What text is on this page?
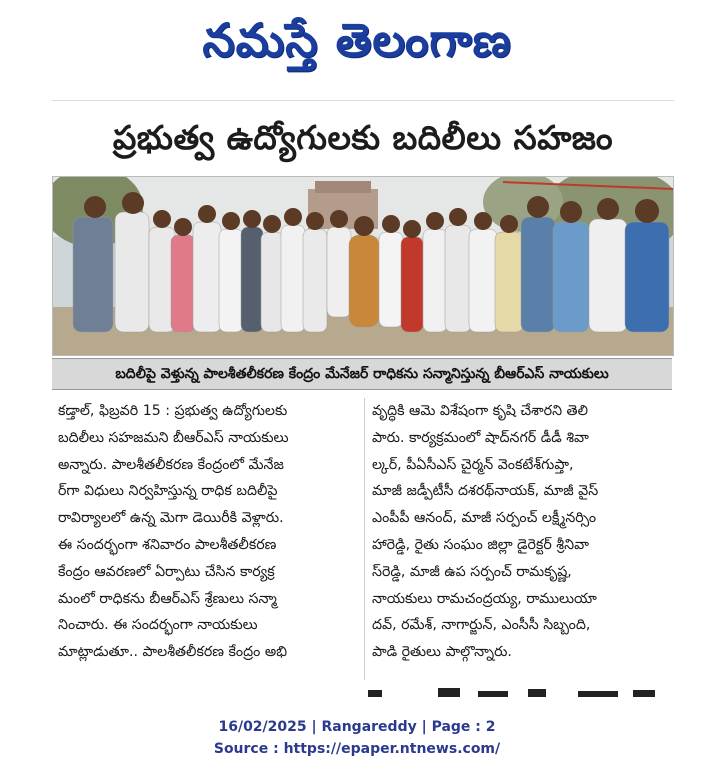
నమస్తే తెలంగాణ
ప్రభుత్వ ఉద్యోగులకు బదిలీలు సహజం
బదిలీపై వెళ్తున్న పాలశీతలీకరణ కేంద్రం మేనేజర్ రాధికను సన్మానిస్తున్న బీఆర్ఎస్ నాయకులు
కడ్తాల్, ఫిబ్రవరి 15 : ప్రభుత్వ ఉద్యోగులకు
బదిలీలు సహజమని బీఆర్ఎస్ నాయకులు
అన్నారు. పాలశీతలీకరణ కేంద్రంలో మేనేజ
ర్‌గా విధులు నిర్వహిస్తున్న రాధిక బదిలీపై
రావిర్యాలలో ఉన్న మెగా డెయిరీకి వెళ్లారు.
ఈ సందర్భంగా శనివారం పాలశీతలీకరణ
కేంద్రం ఆవరణలో ఏర్పాటు చేసిన కార్యక్ర
మంలో రాధికను బీఆర్ఎస్ శ్రేణులు సన్మా
నించారు. ఈ సందర్భంగా నాయకులు
మాట్లాడుతూ.. పాలశీతలీకరణ కేంద్రం అభి
వృద్ధికి ఆమె విశేషంగా కృషి చేశారని తెలి
పారు. కార్యక్రమంలో షాద్‌నగర్ డీడీ శివా
ల్కర్, పీఏసీఎస్ చైర్మన్ వెంకటేశ్‌గుప్తా,
మాజీ జడ్పీటీసీ దశరథ్‌నాయక్, మాజీ వైస్
ఎంపీపీ ఆనంద్, మాజీ సర్పంచ్ లక్ష్మీనర్సిం
హారెడ్డి, రైతు సంఘం జిల్లా డైరెక్టర్ శ్రీనివా
స్‌రెడ్డి, మాజీ ఉప సర్పంచ్ రామకృష్ణ,
నాయకులు రామచంద్రయ్య, రాములుయా
దవ్, రమేశ్, నాగార్జున్, ఎంసీసీ సిబ్బంది,
పాడి రైతులు పాల్గొన్నారు.
16/02/2025 | Rangareddy | Page : 2
Source : https://epaper.ntnews.com/
